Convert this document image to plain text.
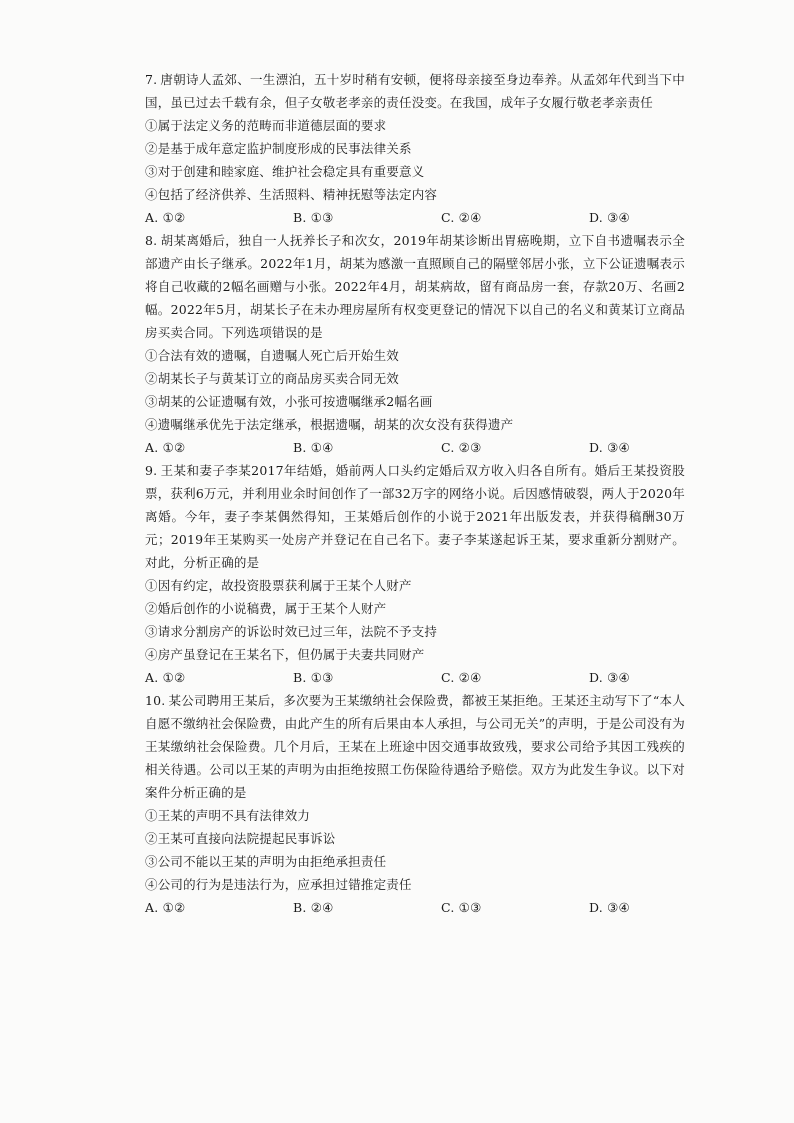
7. 唐朝诗人孟郊、一生漂泊，五十岁时稍有安顿，便将母亲接至身边奉养。从孟郊年代到当下中国，虽已过去千载有余，但子女敬老孝亲的责任没变。在我国，成年子女履行敬老孝亲责任
①属于法定义务的范畴而非道德层面的要求
②是基于成年意定监护制度形成的民事法律关系
③对于创建和睦家庭、维护社会稳定具有重要意义
④包括了经济供养、生活照料、精神抚慰等法定内容
A. ①②	B. ①③	C. ②④	D. ③④
8. 胡某离婚后，独自一人抚养长子和次女，2019年胡某诊断出胃癌晚期，立下自书遗嘱表示全部遗产由长子继承。2022年1月，胡某为感激一直照顾自己的隔壁邻居小张，立下公证遗嘱表示将自己收藏的2幅名画赠与小张。2022年4月，胡某病故，留有商品房一套，存款20万、名画2幅。2022年5月，胡某长子在未办理房屋所有权变更登记的情况下以自己的名义和黄某订立商品房买卖合同。下列选项错误的是
①合法有效的遗嘱，自遗嘱人死亡后开始生效
②胡某长子与黄某订立的商品房买卖合同无效
③胡某的公证遗嘱有效，小张可按遗嘱继承2幅名画
④遗嘱继承优先于法定继承，根据遗嘱，胡某的次女没有获得遗产
A. ①②	B. ①④	C. ②③	D. ③④
9. 王某和妻子李某2017年结婚，婚前两人口头约定婚后双方收入归各自所有。婚后王某投资股票，获利6万元，并利用业余时间创作了一部32万字的网络小说。后因感情破裂，两人于2020年离婚。今年，妻子李某偶然得知，王某婚后创作的小说于2021年出版发表，并获得稿酬30万元；2019年王某购买一处房产并登记在自己名下。妻子李某遂起诉王某，要求重新分割财产。对此，分析正确的是
①因有约定，故投资股票获利属于王某个人财产
②婚后创作的小说稿费，属于王某个人财产
③请求分割房产的诉讼时效已过三年，法院不予支持
④房产虽登记在王某名下，但仍属于夫妻共同财产
A. ①②	B. ①③	C. ②④	D. ③④
10. 某公司聘用王某后，多次要为王某缴纳社会保险费，都被王某拒绝。王某还主动写下了“本人自愿不缴纳社会保险费，由此产生的所有后果由本人承担，与公司无关”的声明，于是公司没有为王某缴纳社会保险费。几个月后，王某在上班途中因交通事故致残，要求公司给予其因工残疾的相关待遇。公司以王某的声明为由拒绝按照工伤保险待遇给予赔偿。双方为此发生争议。以下对案件分析正确的是
①王某的声明不具有法律效力
②王某可直接向法院提起民事诉讼
③公司不能以王某的声明为由拒绝承担责任
④公司的行为是违法行为，应承担过错推定责任
A. ①②	B. ②④	C. ①③	D. ③④
